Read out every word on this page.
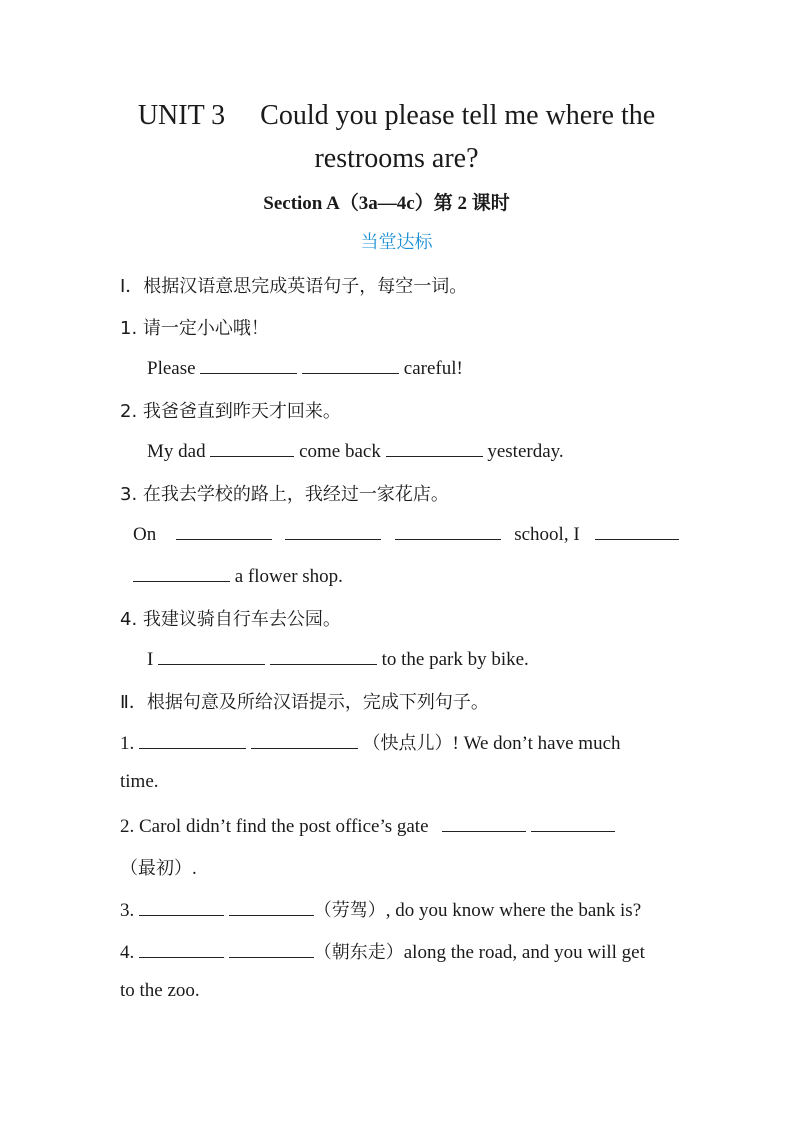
UNIT 3     Could you please tell me where the
restrooms are?
Section A（3a—4c）第 2 课时
当堂达标
Ⅰ．根据汉语意思完成英语句子，每空一词。
1. 请一定小心哦！
Please	careful!
2. 我爸爸直到昨天才回来。
My dad	come back	yesterday.
3. 在我去学校的路上，我经过一家花店。
On	school, I
a flower shop.
4. 我建议骑自行车去公园。
I	to the park by bike.
Ⅱ．根据句意及所给汉语提示，完成下列句子。
1.	（快点儿）! We don’t have much
time.
2. Carol didn’t find the post office’s gate
（最初）.
3.	（劳驾）, do you know where the bank is?
4.	（朝东走）along the road, and you will get
to the zoo.
